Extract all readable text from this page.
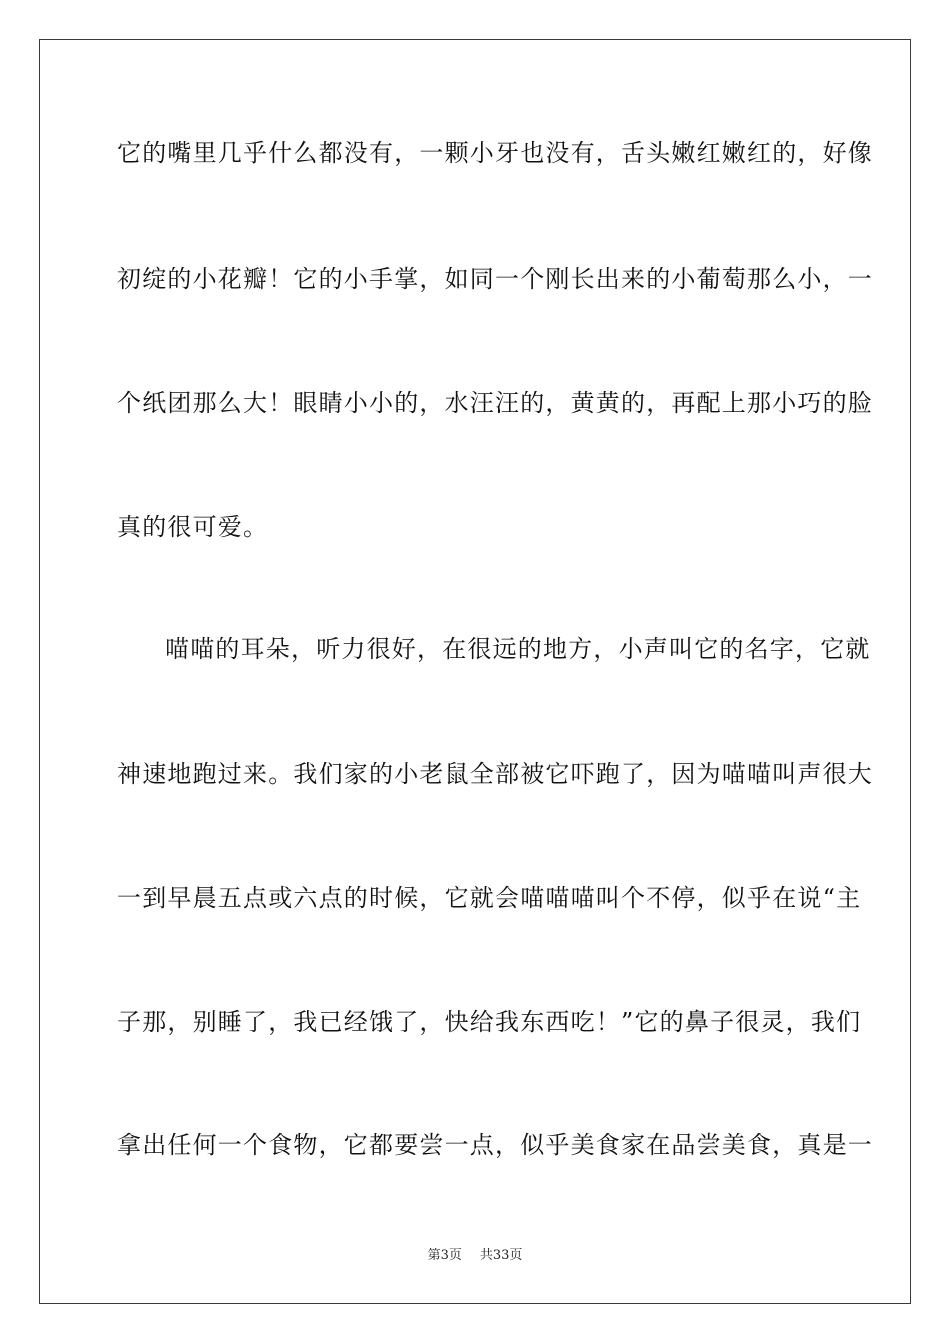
它的嘴里几乎什么都没有，一颗小牙也没有，舌头嫩红嫩红的，好像
初绽的小花瓣！它的小手掌，如同一个刚长出来的小葡萄那么小，一
个纸团那么大！眼睛小小的，水汪汪的，黄黄的，再配上那小巧的脸
真的很可爱。
喵喵的耳朵，听力很好，在很远的地方，小声叫它的名字，它就
神速地跑过来。我们家的小老鼠全部被它吓跑了，因为喵喵叫声很大
一到早晨五点或六点的时候，它就会喵喵喵叫个不停，似乎在说“主
子那，别睡了，我已经饿了，快给我东西吃！”它的鼻子很灵，我们
拿出任何一个食物，它都要尝一点，似乎美食家在品尝美食，真是一
第3页 共33页
